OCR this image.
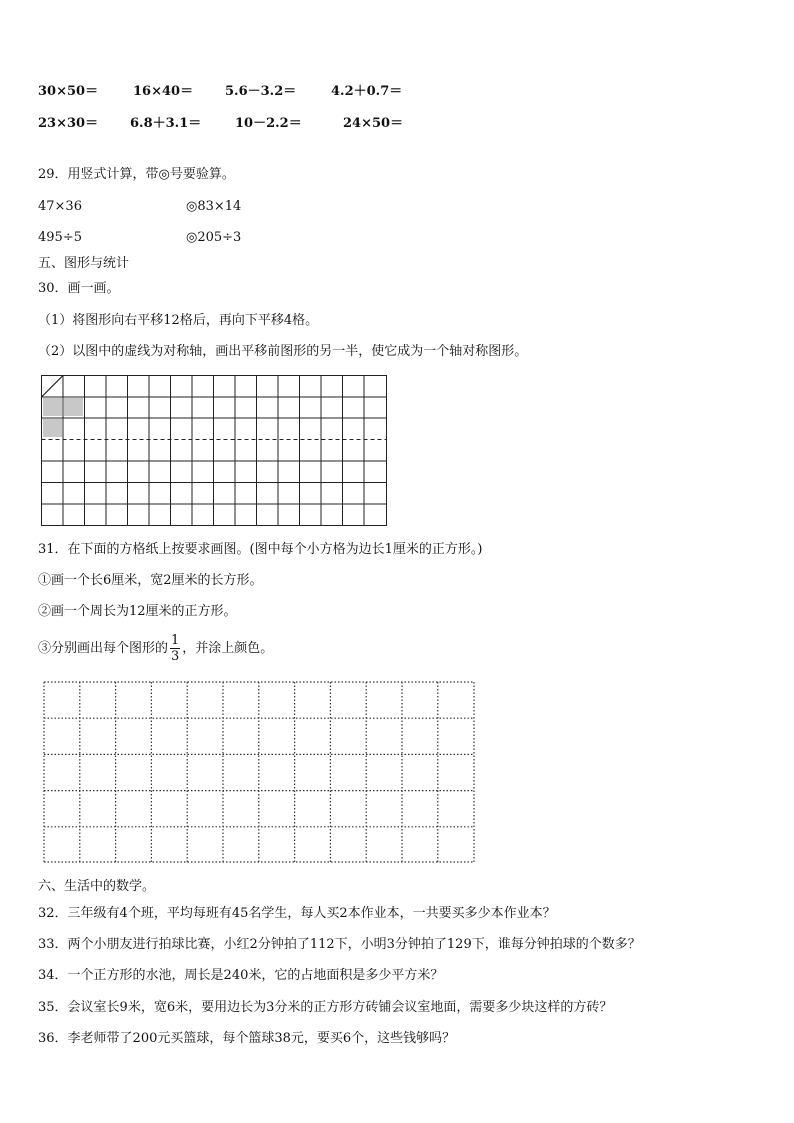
30×50＝	16×40＝ 5.6－3.2＝	4.2＋0.7＝
23×30＝ 6.8＋3.1＝	10－2.2＝	24×50＝
29．用竖式计算，带◎号要验算。
47×36	◎83×14
495÷5	◎205÷3
五、图形与统计
30．画一画。
（1）将图形向右平移12格后，再向下平移4格。
（2）以图中的虚线为对称轴，画出平移前图形的另一半，使它成为一个轴对称图形。
31．在下面的方格纸上按要求画图。(图中每个小方格为边长1厘米的正方形。)
①画一个长6厘米，宽2厘米的长方形。
②画一个周长为12厘米的正方形。
③分别画出每个图形的 $\frac{1}{3}$ ，并涂上颜色。
六、生活中的数学。
32．三年级有4个班，平均每班有45名学生，每人买2本作业本，一共要买多少本作业本？
33．两个小朋友进行拍球比赛，小红2分钟拍了112下，小明3分钟拍了129下，谁每分钟拍球的个数多？
34．一个正方形的水池，周长是240米，它的占地面积是多少平方米？
35．会议室长9米，宽6米，要用边长为3分米的正方形方砖铺会议室地面，需要多少块这样的方砖？
36．李老师带了200元买篮球，每个篮球38元，要买6个，这些钱够吗？
